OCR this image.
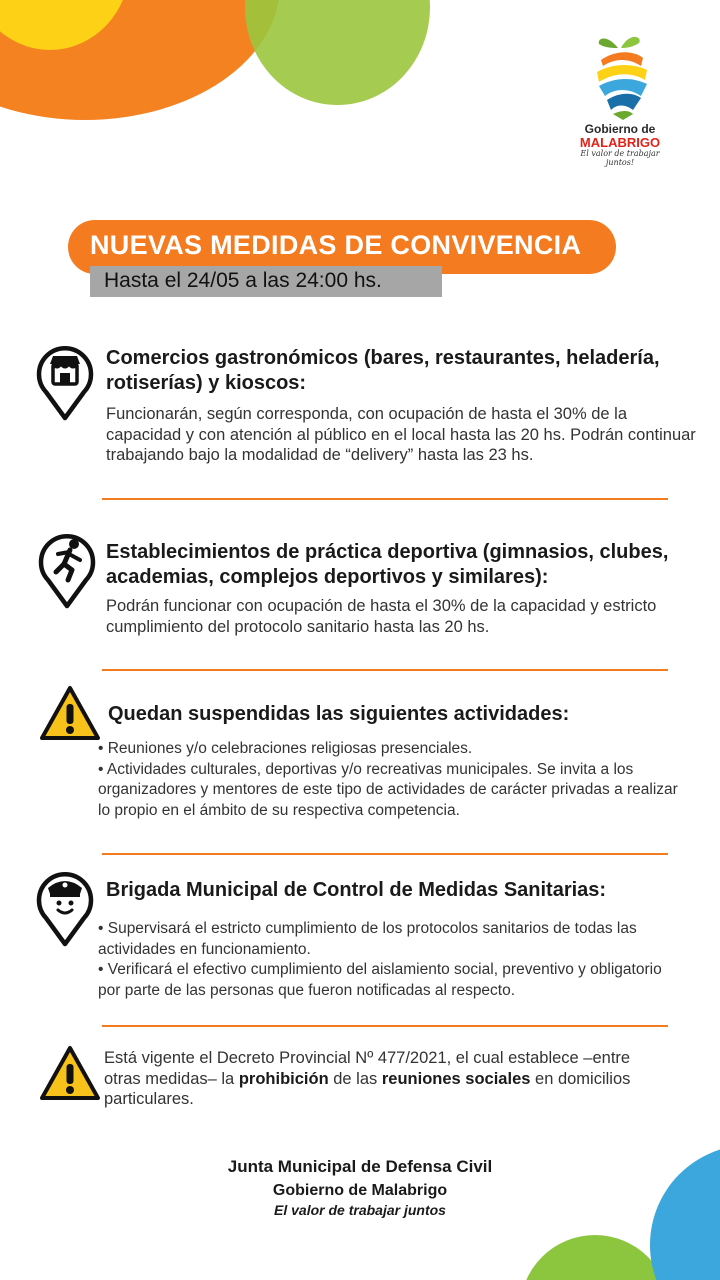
Gobierno de
MALABRIGO
El valor de trabajar juntos!
NUEVAS MEDIDAS DE CONVIVENCIA
Hasta el 24/05 a las 24:00 hs.
Comercios gastronómicos (bares, restaurantes, heladería, rotiserías) y kioscos:
Funcionarán, según corresponda, con ocupación de hasta el 30% de la capacidad y con atención al público en el local hasta las 20 hs. Podrán continuar trabajando bajo la modalidad de “delivery” hasta las 23 hs.
Establecimientos de práctica deportiva (gimnasios, clubes, academias, complejos deportivos y similares):
Podrán funcionar con ocupación de hasta el 30% de la capacidad y estricto cumplimiento del protocolo sanitario hasta las 20 hs.
Quedan suspendidas las siguientes actividades:
• Reuniones y/o celebraciones religiosas presenciales.
• Actividades culturales, deportivas y/o recreativas municipales. Se invita a los organizadores y mentores de este tipo de actividades de carácter privadas a realizar lo propio en el ámbito de su respectiva competencia.
Brigada Municipal de Control de Medidas Sanitarias:
• Supervisará el estricto cumplimiento de los protocolos sanitarios de todas las actividades en funcionamiento.
• Verificará el efectivo cumplimiento del aislamiento social, preventivo y obligatorio por parte de las personas que fueron notificadas al respecto.
Está vigente el Decreto Provincial Nº 477/2021, el cual establece –entre otras medidas– la prohibición de las reuniones sociales en domicilios particulares.
Junta Municipal de Defensa Civil
Gobierno de Malabrigo
El valor de trabajar juntos
